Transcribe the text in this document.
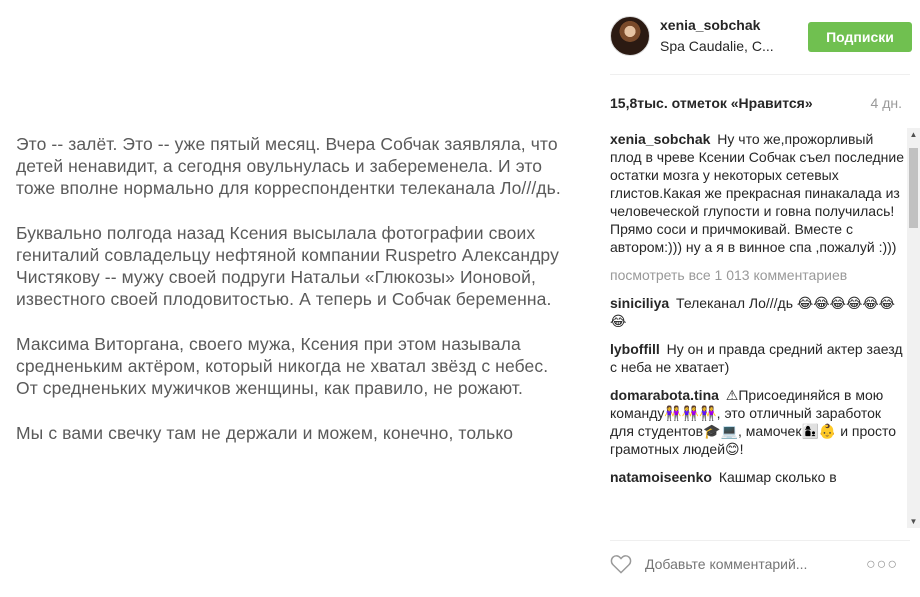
Это -- залёт. Это -- уже пятый месяц. Вчера Собчак заявляла, что
детей ненавидит, а сегодня овульнулась и забеременела. И это
тоже вполне нормально для корреспондентки телеканала Ло///дь.

Буквально полгода назад Ксения высылала фотографии своих
гениталий совладельцу нефтяной компании Ruspetro Александру
Чистякову -- мужу своей подруги Натальи «Глюкозы» Ионовой,
известного своей плодовитостью. А теперь и Собчак беременна.

Максима Виторгана, своего мужа, Ксения при этом называла
средненьким актёром, который никогда не хватал звёзд с небес.
От средненьких мужичков женщины, как правило, не рожают.

Мы с вами свечку там не держали и можем, конечно, только

xenia_sobchak
Spa Caudalie, C...
Подписки
15,8тыс. отметок «Нравится»	4 дн.
xenia_sobchak Ну что же,прожорливый плод в чреве Ксении Собчак съел последние остатки мозга у некоторых сетевых глистов.Какая же прекрасная пинакалада из человеческой глупости и говна получилась! Прямо соси и причмокивай. Вместе с автором:))) ну а я в винное спа ,пожалуй :)))
посмотреть все 1 013 комментариев
siniciliya Телеканал Ло///дь 😂😂😂😂😂😂😂
lyboffill Ну он и правда средний актер заезд с неба не хватает)
domarabota.tina ⚠Присоединяйся в мою команду👭👭👭, это отличный заработок для студентов🎓💻, мамочек👩‍👦👶 и просто грамотных людей😊!
natamoiseenko Кашмар сколько в
Добавьте комментарий...
○○○
▲
▼
